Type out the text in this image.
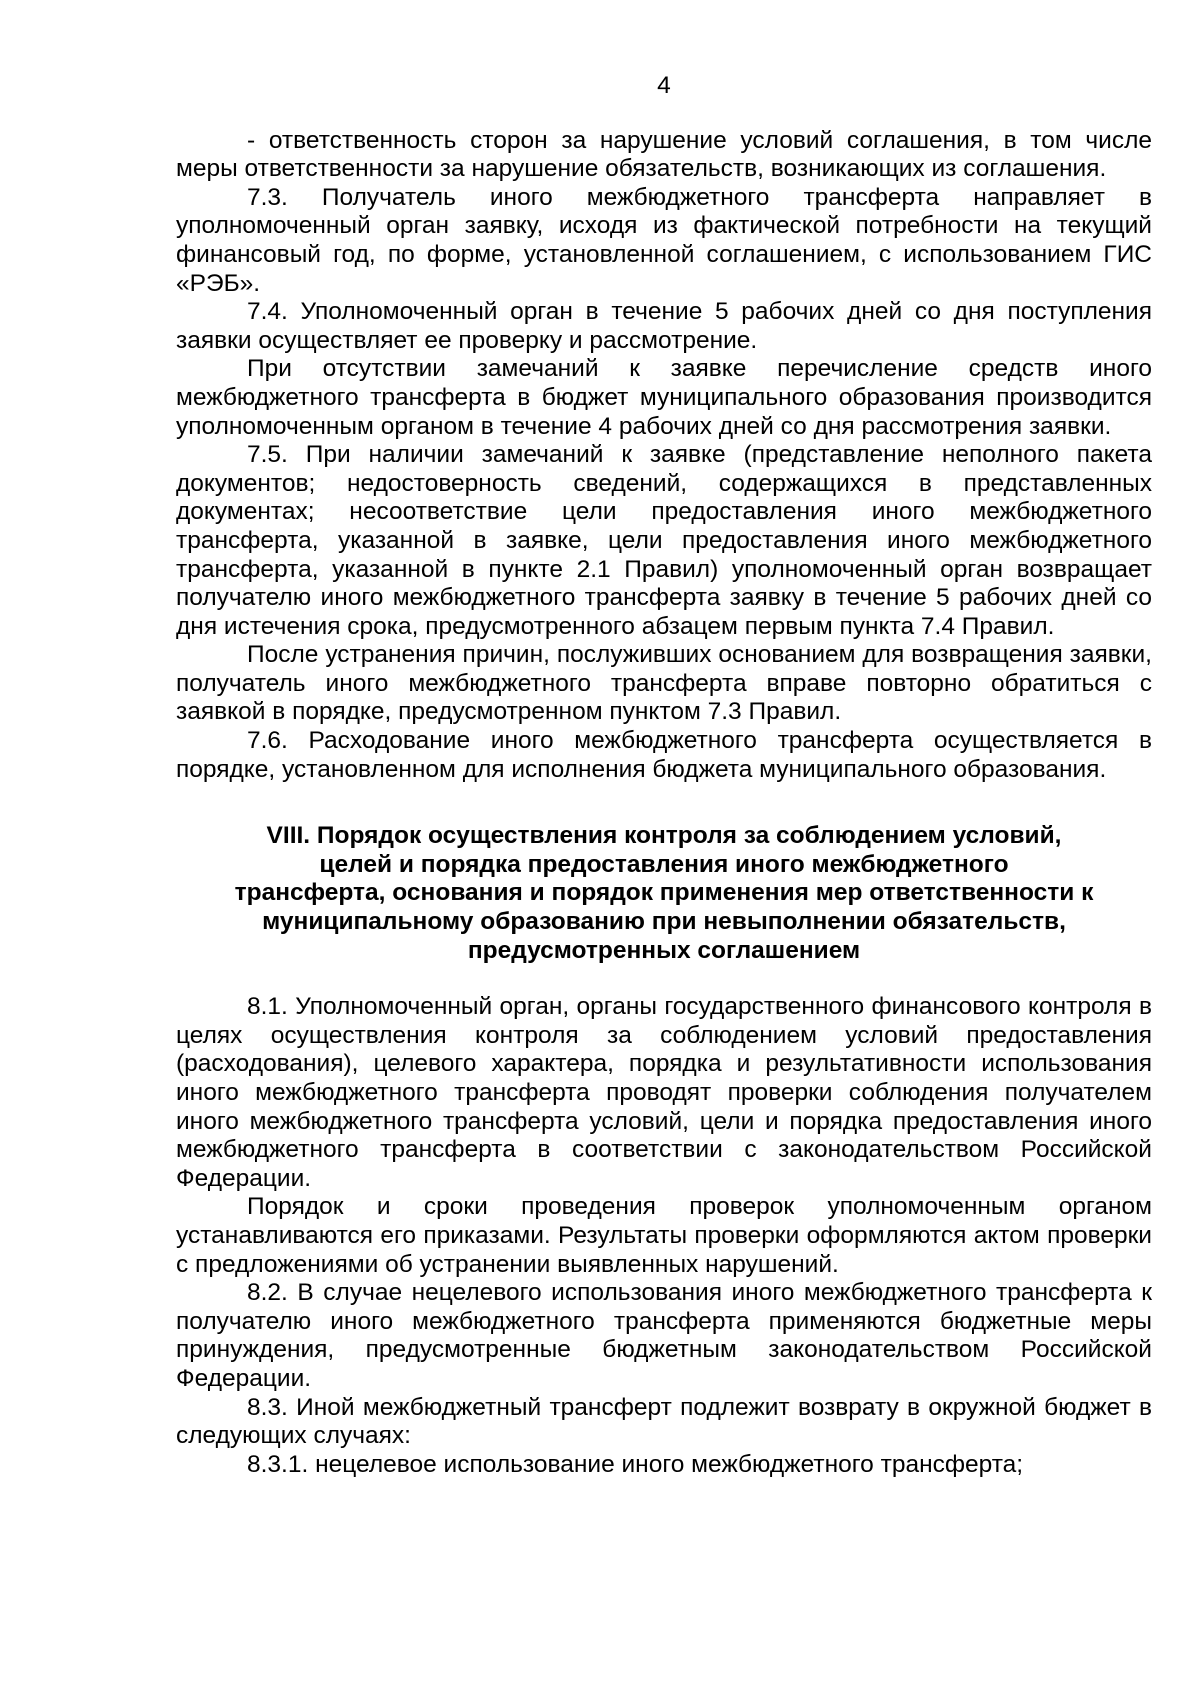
4

- ответственность сторон за нарушение условий соглашения, в том числе меры ответственности за нарушение обязательств, возникающих из соглашения.

7.3. Получатель иного межбюджетного трансферта направляет в уполномоченный орган заявку, исходя из фактической потребности на текущий финансовый год, по форме, установленной соглашением, с использованием ГИС «РЭБ».

7.4. Уполномоченный орган в течение 5 рабочих дней со дня поступления заявки осуществляет ее проверку и рассмотрение.

При отсутствии замечаний к заявке перечисление средств иного межбюджетного трансферта в бюджет муниципального образования производится уполномоченным органом в течение 4 рабочих дней со дня рассмотрения заявки.

7.5. При наличии замечаний к заявке (представление неполного пакета документов; недостоверность сведений, содержащихся в представленных документах; несоответствие цели предоставления иного межбюджетного трансферта, указанной в заявке, цели предоставления иного межбюджетного трансферта, указанной в пункте 2.1 Правил) уполномоченный орган возвращает получателю иного межбюджетного трансферта заявку в течение 5 рабочих дней со дня истечения срока, предусмотренного абзацем первым пункта 7.4 Правил.

После устранения причин, послуживших основанием для возвращения заявки, получатель иного межбюджетного трансферта вправе повторно обратиться с заявкой в порядке, предусмотренном пунктом 7.3 Правил.

7.6. Расходование иного межбюджетного трансферта осуществляется в порядке, установленном для исполнения бюджета муниципального образования.

VIII. Порядок осуществления контроля за соблюдением условий,
целей и порядка предоставления иного межбюджетного
трансферта, основания и порядок применения мер ответственности к
муниципальному образованию при невыполнении обязательств,
предусмотренных соглашением

8.1. Уполномоченный орган, органы государственного финансового контроля в целях осуществления контроля за соблюдением условий предоставления (расходования), целевого характера, порядка и результативности использования иного межбюджетного трансферта проводят проверки соблюдения получателем иного межбюджетного трансферта условий, цели и порядка предоставления иного межбюджетного трансферта в соответствии с законодательством Российской Федерации.

Порядок и сроки проведения проверок уполномоченным органом устанавливаются его приказами. Результаты проверки оформляются актом проверки с предложениями об устранении выявленных нарушений.

8.2. В случае нецелевого использования иного межбюджетного трансферта к получателю иного межбюджетного трансферта применяются бюджетные меры принуждения, предусмотренные бюджетным законодательством Российской Федерации.

8.3. Иной межбюджетный трансферт подлежит возврату в окружной бюджет в следующих случаях:

8.3.1. нецелевое использование иного межбюджетного трансферта;
